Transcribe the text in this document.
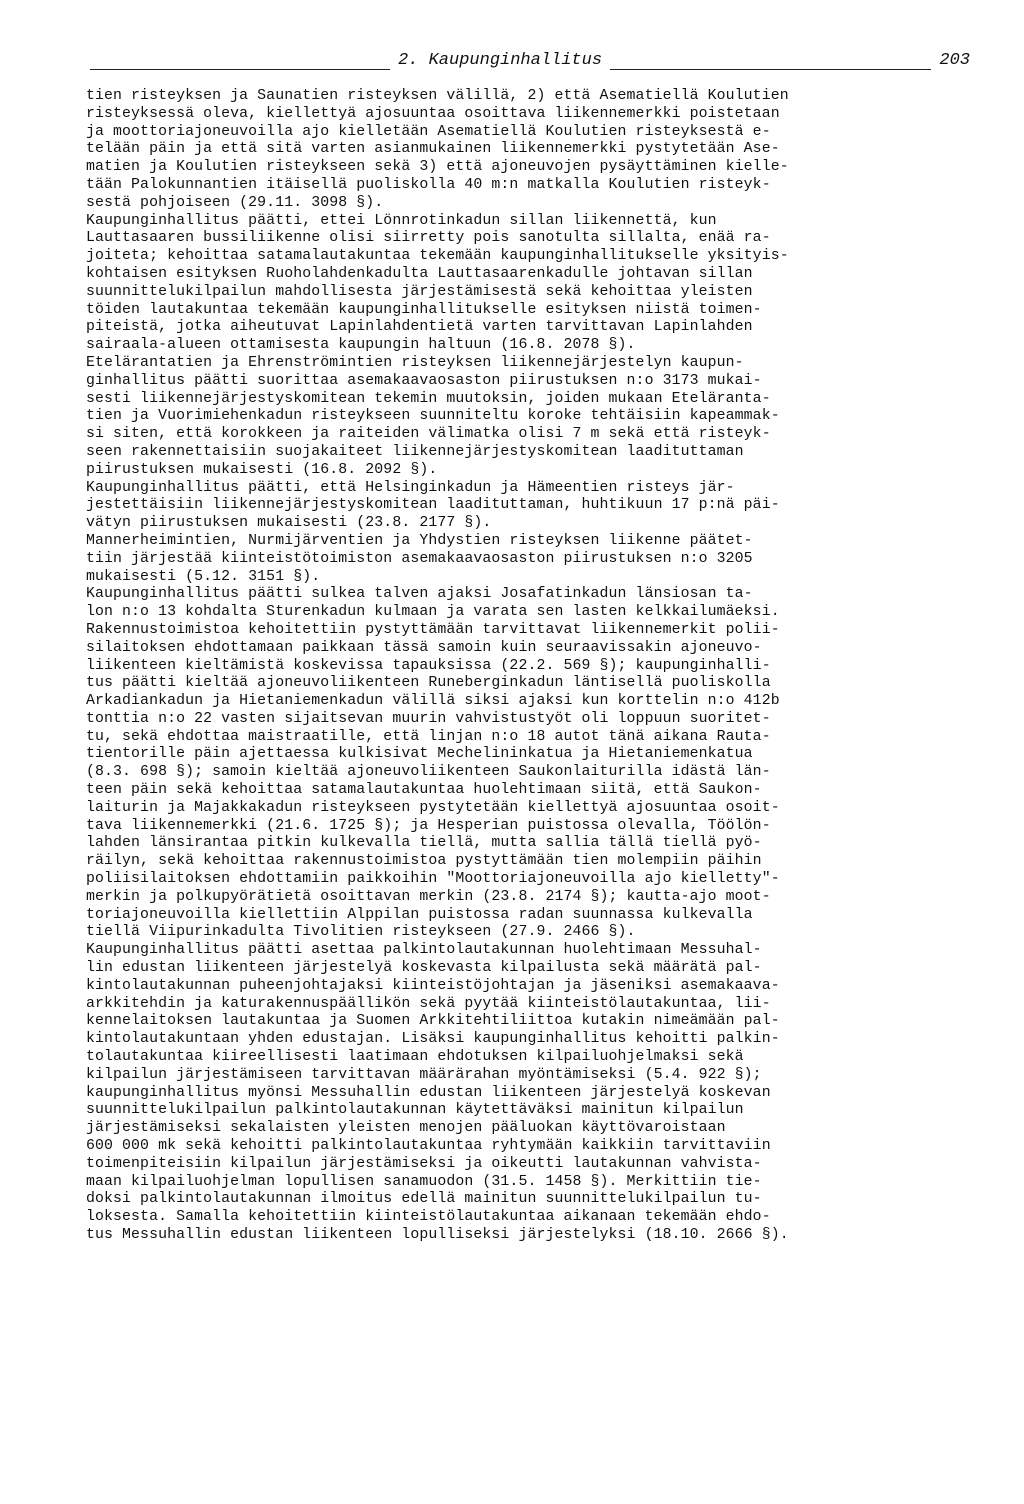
2. Kaupunginhallitus	203
tien risteyksen ja Saunatien risteyksen välillä, 2) että Asematiellä Koulutien
risteyksessä oleva, kiellettyä ajosuuntaa osoittava liikennemerkki poistetaan
ja moottoriajoneuvoilla ajo kielletään Asematiellä Koulutien risteyksestä e-
telään päin ja että sitä varten asianmukainen liikennemerkki pystytetään Ase-
matien ja Koulutien risteykseen sekä 3) että ajoneuvojen pysäyttäminen kielle-
tään Palokunnantien itäisellä puoliskolla 40 m:n matkalla Koulutien risteyk-
sestä pohjoiseen (29.11. 3098 §).
Kaupunginhallitus päätti, ettei Lönnrotinkadun sillan liikennettä, kun
Lauttasaaren bussiliikenne olisi siirretty pois sanotulta sillalta, enää ra-
joiteta; kehoittaa satamalautakuntaa tekemään kaupunginhallitukselle yksityis-
kohtaisen esityksen Ruoholahdenkadulta Lauttasaarenkadulle johtavan sillan
suunnittelukilpailun mahdollisesta järjestämisestä sekä kehoittaa yleisten
töiden lautakuntaa tekemään kaupunginhallitukselle esityksen niistä toimen-
piteistä, jotka aiheutuvat Lapinlahdentietä varten tarvittavan Lapinlahden
sairaala-alueen ottamisesta kaupungin haltuun (16.8. 2078 §).
Etelärantatien ja Ehrenströmintien risteyksen liikennejärjestelyn kaupun-
ginhallitus päätti suorittaa asemakaavaosaston piirustuksen n:o 3173 mukai-
sesti liikennejärjestyskomitean tekemin muutoksin, joiden mukaan Eteläranta-
tien ja Vuorimiehenkadun risteykseen suunniteltu koroke tehtäisiin kapeammak-
si siten, että korokkeen ja raiteiden välimatka olisi 7 m sekä että risteyk-
seen rakennettaisiin suojakaiteet liikennejärjestyskomitean laadituttaman
piirustuksen mukaisesti (16.8. 2092 §).
Kaupunginhallitus päätti, että Helsinginkadun ja Hämeentien risteys jär-
jestettäisiin liikennejärjestyskomitean laadituttaman, huhtikuun 17 p:nä päi-
vätyn piirustuksen mukaisesti (23.8. 2177 §).
Mannerheimintien, Nurmijärventien ja Yhdystien risteyksen liikenne päätet-
tiin järjestää kiinteistötoimiston asemakaavaosaston piirustuksen n:o 3205
mukaisesti (5.12. 3151 §).
Kaupunginhallitus päätti sulkea talven ajaksi Josafatinkadun länsiosan ta-
lon n:o 13 kohdalta Sturenkadun kulmaan ja varata sen lasten kelkkailumäeksi.
Rakennustoimistoa kehoitettiin pystyttämään tarvittavat liikennemerkit polii-
silaitoksen ehdottamaan paikkaan tässä samoin kuin seuraavissakin ajoneuvo-
liikenteen kieltämistä koskevissa tapauksissa (22.2. 569 §); kaupunginhalli-
tus päätti kieltää ajoneuvoliikenteen Runeberginkadun läntisellä puoliskolla
Arkadiankadun ja Hietaniemenkadun välillä siksi ajaksi kun korttelin n:o 412b
tonttia n:o 22 vasten sijaitsevan muurin vahvistustyöt oli loppuun suoritet-
tu, sekä ehdottaa maistraatille, että linjan n:o 18 autot tänä aikana Rauta-
tientorille päin ajettaessa kulkisivat Mechelininkatua ja Hietaniemenkatua
(8.3. 698 §); samoin kieltää ajoneuvoliikenteen Saukonlaiturilla idästä län-
teen päin sekä kehoittaa satamalautakuntaa huolehtimaan siitä, että Saukon-
laiturin ja Majakkakadun risteykseen pystytetään kiellettyä ajosuuntaa osoit-
tava liikennemerkki (21.6. 1725 §); ja Hesperian puistossa olevalla, Töölön-
lahden länsirantaa pitkin kulkevalla tiellä, mutta sallia tällä tiellä pyö-
räilyn, sekä kehoittaa rakennustoimistoa pystyttämään tien molempiin päihin
poliisilaitoksen ehdottamiin paikkoihin "Moottoriajoneuvoilla ajo kielletty"-
merkin ja polkupyörätietä osoittavan merkin (23.8. 2174 §); kautta-ajo moot-
toriajoneuvoilla kiellettiin Alppilan puistossa radan suunnassa kulkevalla
tiellä Viipurinkadulta Tivolitien risteykseen (27.9. 2466 §).
Kaupunginhallitus päätti asettaa palkintolautakunnan huolehtimaan Messuhal-
lin edustan liikenteen järjestelyä koskevasta kilpailusta sekä määrätä pal-
kintolautakunnan puheenjohtajaksi kiinteistöjohtajan ja jäseniksi asemakaava-
arkkitehdin ja katurakennuspäällikön sekä pyytää kiinteistölautakuntaa, lii-
kennelaitoksen lautakuntaa ja Suomen Arkkitehtiliittoa kutakin nimeämään pal-
kintolautakuntaan yhden edustajan. Lisäksi kaupunginhallitus kehoitti palkin-
tolautakuntaa kiireellisesti laatimaan ehdotuksen kilpailuohjelmaksi sekä
kilpailun järjestämiseen tarvittavan määrärahan myöntämiseksi (5.4. 922 §);
kaupunginhallitus myönsi Messuhallin edustan liikenteen järjestelyä koskevan
suunnittelukilpailun palkintolautakunnan käytettäväksi mainitun kilpailun
järjestämiseksi sekalaisten yleisten menojen pääluokan käyttövaroistaan
600 000 mk sekä kehoitti palkintolautakuntaa ryhtymään kaikkiin tarvittaviin
toimenpiteisiin kilpailun järjestämiseksi ja oikeutti lautakunnan vahvista-
maan kilpailuohjelman lopullisen sanamuodon (31.5. 1458 §). Merkittiin tie-
doksi palkintolautakunnan ilmoitus edellä mainitun suunnittelukilpailun tu-
loksesta. Samalla kehoitettiin kiinteistölautakuntaa aikanaan tekemään ehdo-
tus Messuhallin edustan liikenteen lopulliseksi järjestelyksi (18.10. 2666 §).
